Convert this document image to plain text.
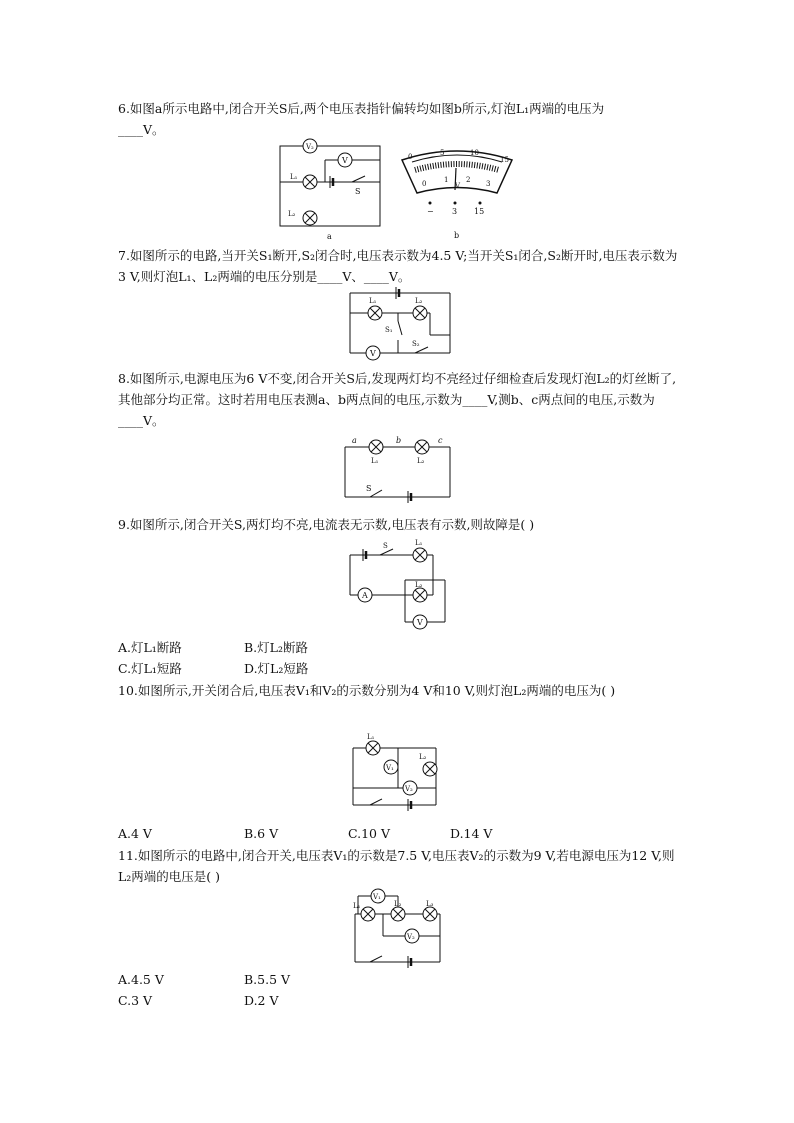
6.如图a所示电路中,闭合开关S后,两个电压表指针偏转均如图b所示,灯泡L₁两端的电压为

____V。

V₂
V
L₁
S
L₂
a
0	5	10
15
0	1	2 3
V
− 3 15
b

7.如图所示的电路,当开关S₁断开,S₂闭合时,电压表示数为4.5 V;当开关S₁闭合,S₂断开时,电压表示数为3 V,则灯泡L₁、L₂两端的电压分别是____V、____V。

L₁	L₂
S₁
V
S₂

8.如图所示,电源电压为6 V不变,闭合开关S后,发现两灯均不亮经过仔细检查后发现灯泡L₂的灯丝断了,其他部分均正常。这时若用电压表测a、b两点间的电压,示数为____V,测b、c两点间的电压,示数为____V。

a	b	c
L₁	L₂
S

9.如图所示,闭合开关S,两灯均不亮,电流表无示数,电压表有示数,则故障是( )

S	L₁
L₂
A
V
A.灯L₁断路	B.灯L₂断路
C.灯L₁短路	D.灯L₂短路

10.如图所示,开关闭合后,电压表V₁和V₂的示数分别为4 V和10 V,则灯泡L₂两端的电压为( )

L₁
V₁
L₂
V₂
A.4 V	B.6 V	C.10 V	D.14 V

11.如图所示的电路中,闭合开关,电压表V₁的示数是7.5 V,电压表V₂的示数为9 V,若电源电压为12 V,则L₂两端的电压是( )

V₁
L₁	L₂	L₃
V₂
A.4.5 V	B.5.5 V
C.3 V	D.2 V
